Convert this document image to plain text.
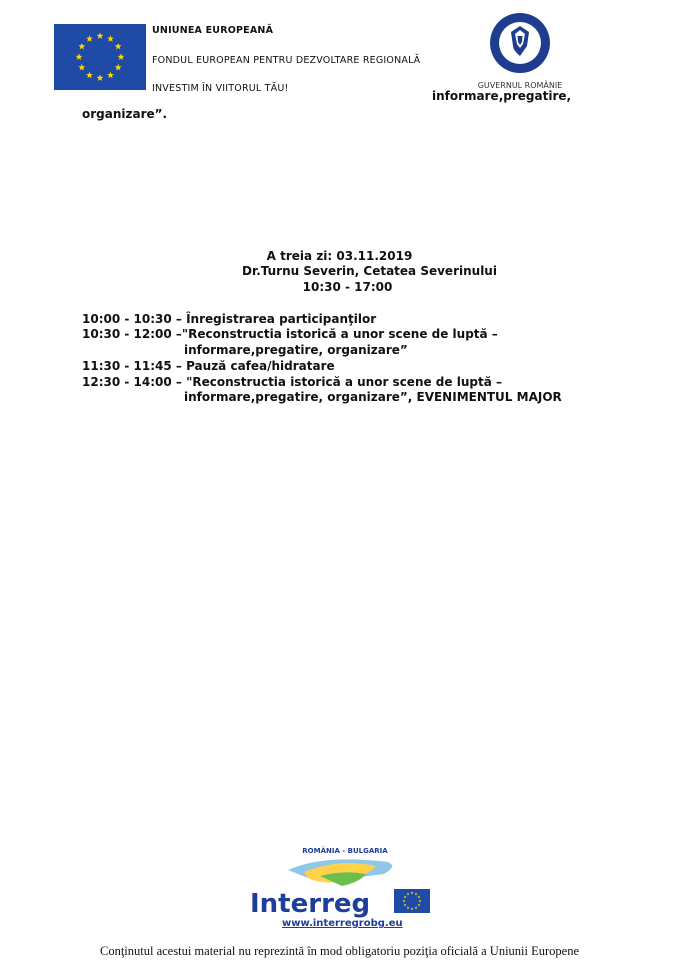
UNIUNEA EUROPEANĂ
FONDUL EUROPEAN PENTRU DEZVOLTARE REGIONALĂ
INVESTIM ÎN VIITORUL TĂU!	GUVERNUL ROMÂNIE
informare,pregatire,
organizare”.
A treia zi: 03.11.2019
Dr.Turnu Severin, Cetatea Severinului
10:30 - 17:00
10:00 - 10:30 – Înregistrarea participanţilor
10:30 - 12:00 –"Reconstructia istorică a unor scene de luptă –
informare,pregatire, organizare”
11:30 - 11:45 – Pauză cafea/hidratare
12:30 - 14:00 – "Reconstructia istorică a unor scene de luptă –
informare,pregatire, organizare”, EVENIMENTUL MAJOR
ROMÂNIA - BULGARIA
Interreg
www.interregrobg.eu
Conţinutul acestui material nu reprezintă în mod obligatoriu poziţia oficială a Uniunii Europene
